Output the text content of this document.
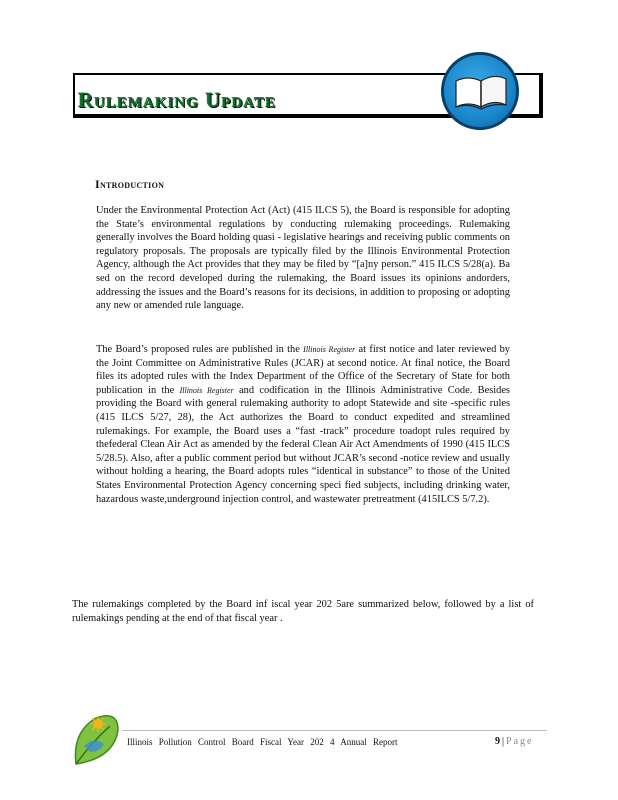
Rulemaking Update
Introduction

Under the Environmental Protection Act (Act) (415 ILCS 5), the Board is responsible for adopting the State’s environmental regulations by conducting rulemaking proceedings. Rulemaking generally involves the Board holding quasi - legislative hearings and receiving public comments on regulatory proposals. The proposals are typically filed by the Illinois Environmental Protection Agency, although the Act provides that they may be filed by “[a]ny person.” 415 ILCS 5/28(a). Ba sed on the record developed during the rulemaking, the Board issues its opinions andorders, addressing the issues and the Board’s reasons for its decisions, in addition to proposing or adopting any new or amended rule language.

The Board’s proposed rules are published in the Illinois Register at first notice and later reviewed by the Joint Committee on Administrative Rules (JCAR) at second notice. At final notice, the Board files its adopted rules with the Index Department of the Office of the Secretary of State for both publication in the Illinois Register and codification in the Illinois Administrative Code. Besides providing the Board with general rulemaking authority to adopt Statewide and site -specific rules (415 ILCS 5/27, 28), the Act authorizes the Board to conduct expedited and streamlined rulemakings. For example, the Board uses a “fast -track” procedure toadopt rules required by thefederal Clean Air Act as amended by the federal Clean Air Act Amendments of 1990 (415 ILCS 5/28.5). Also, after a public comment period but without JCAR’s second -notice review and usually without holding a hearing, the Board adopts rules “identical in substance” to those of the United States Environmental Protection Agency concerning speci fied subjects, including drinking water, hazardous waste,underground injection control, and wastewater pretreatment (415ILCS 5/7.2).

The rulemakings completed by the Board inf iscal year 202 5are summarized below, followed by a list of rulemakings pending at the end of that fiscal year .

Illinois Pollution Control Board Fiscal Year 202 4 Annual Report	9 | Page
